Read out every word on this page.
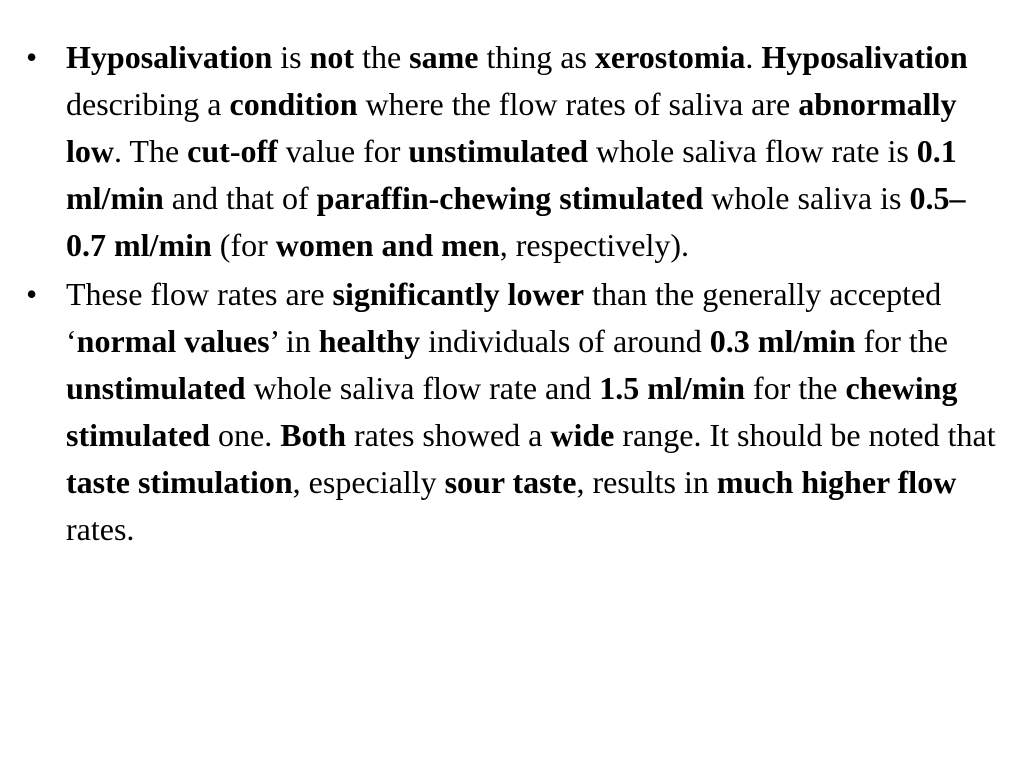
• Hyposalivation is not the same thing as xerostomia. Hyposalivation describing a condition where the flow rates of saliva are abnormally low. The cut-off value for unstimulated whole saliva flow rate is 0.1 ml/min and that of paraffin-chewing stimulated whole saliva is 0.5–0.7 ml/min (for women and men, respectively).
• These flow rates are significantly lower than the generally accepted ‘normal values’ in healthy individuals of around 0.3 ml/min for the unstimulated whole saliva flow rate and 1.5 ml/min for the chewing stimulated one. Both rates showed a wide range. It should be noted that taste stimulation, especially sour taste, results in much higher flow rates.
